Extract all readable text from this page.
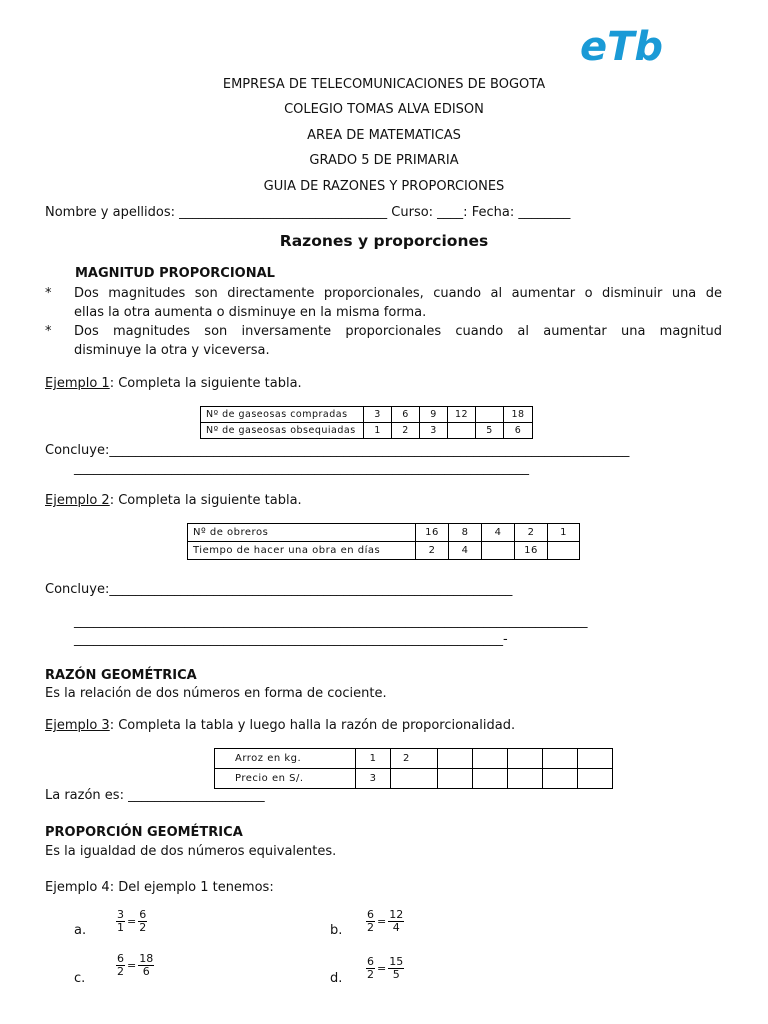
eTb
EMPRESA DE TELECOMUNICACIONES DE BOGOTA
COLEGIO TOMAS ALVA EDISON
AREA DE MATEMATICAS
GRADO 5 DE PRIMARIA
GUIA DE RAZONES Y PROPORCIONES
Nombre y apellidos: ________________________________ Curso: ____: Fecha: ________
Razones y proporciones
MAGNITUD PROPORCIONAL
* Dos magnitudes son directamente proporcionales, cuando al aumentar o disminuir una de
ellas la otra aumenta o disminuye en la misma forma.
* Dos magnitudes son inversamente proporcionales cuando al aumentar una magnitud
disminuye la otra y viceversa.
Ejemplo 1: Completa la siguiente tabla.
Nº de gaseosas compradas	3	6	9	12		18
Nº de gaseosas obsequiadas	1	2	3		5	6
Concluye:________________________________________________________________________________
______________________________________________________________________
Ejemplo 2: Completa la siguiente tabla.
Nº de obreros	16	8	4	2	1
Tiempo de hacer una obra en días	2	4		16	
Concluye:______________________________________________________________
_______________________________________________________________________________
__________________________________________________________________-
RAZÓN GEOMÉTRICA
Es la relación de dos números en forma de cociente.
Ejemplo 3: Completa la tabla y luego halla la razón de proporcionalidad.
Arroz en kg.	1	2					
Precio en S/.	3						
La razón es: _____________________
PROPORCIÓN GEOMÉTRICA
Es la igualdad de dos números equivalentes.
Ejemplo 4: Del ejemplo 1 tenemos:
a.	$\frac{3}{1} = \frac{6}{2}$	b. $\frac{6}{2} = \frac{12}{4}$
c.
$\frac{6}{2} = \frac{18}{6}$
d. $\frac{6}{2} = \frac{15}{5}$
